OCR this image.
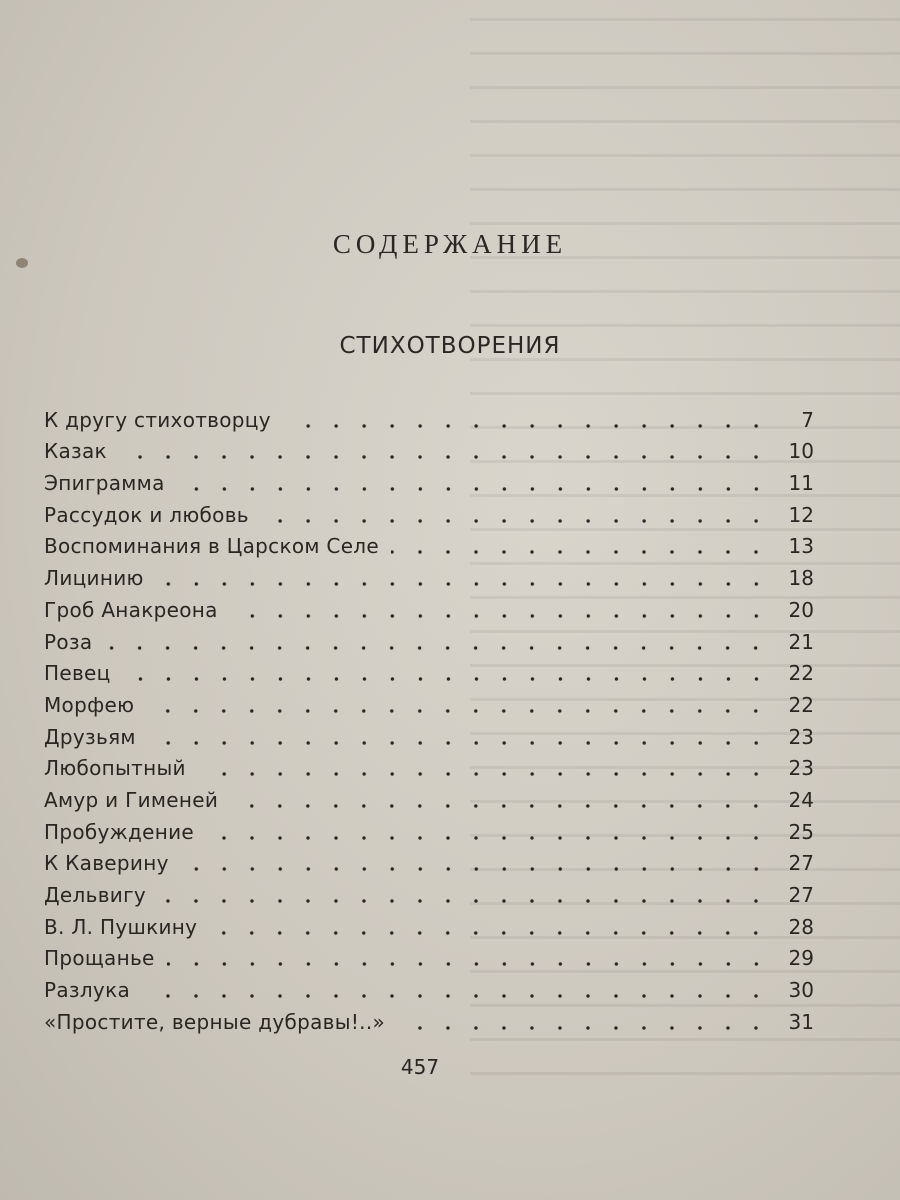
СОДЕРЖАНИЕ
СТИХОТВОРЕНИЯ
К другу стихотворцу	7
Казак	10
Эпиграмма	11
Рассудок и любовь	12
Воспоминания в Царском Селе	13
Лицинию	18
Гроб Анакреона	20
Роза	21
Певец	22
Морфею	22
Друзьям	23
Любопытный	23
Амур и Гименей	24
Пробуждение	25
К Каверину	27
Дельвигу	27
В. Л. Пушкину	28
Прощанье	29
Разлука	30
«Простите, верные дубравы!..»	31
457
